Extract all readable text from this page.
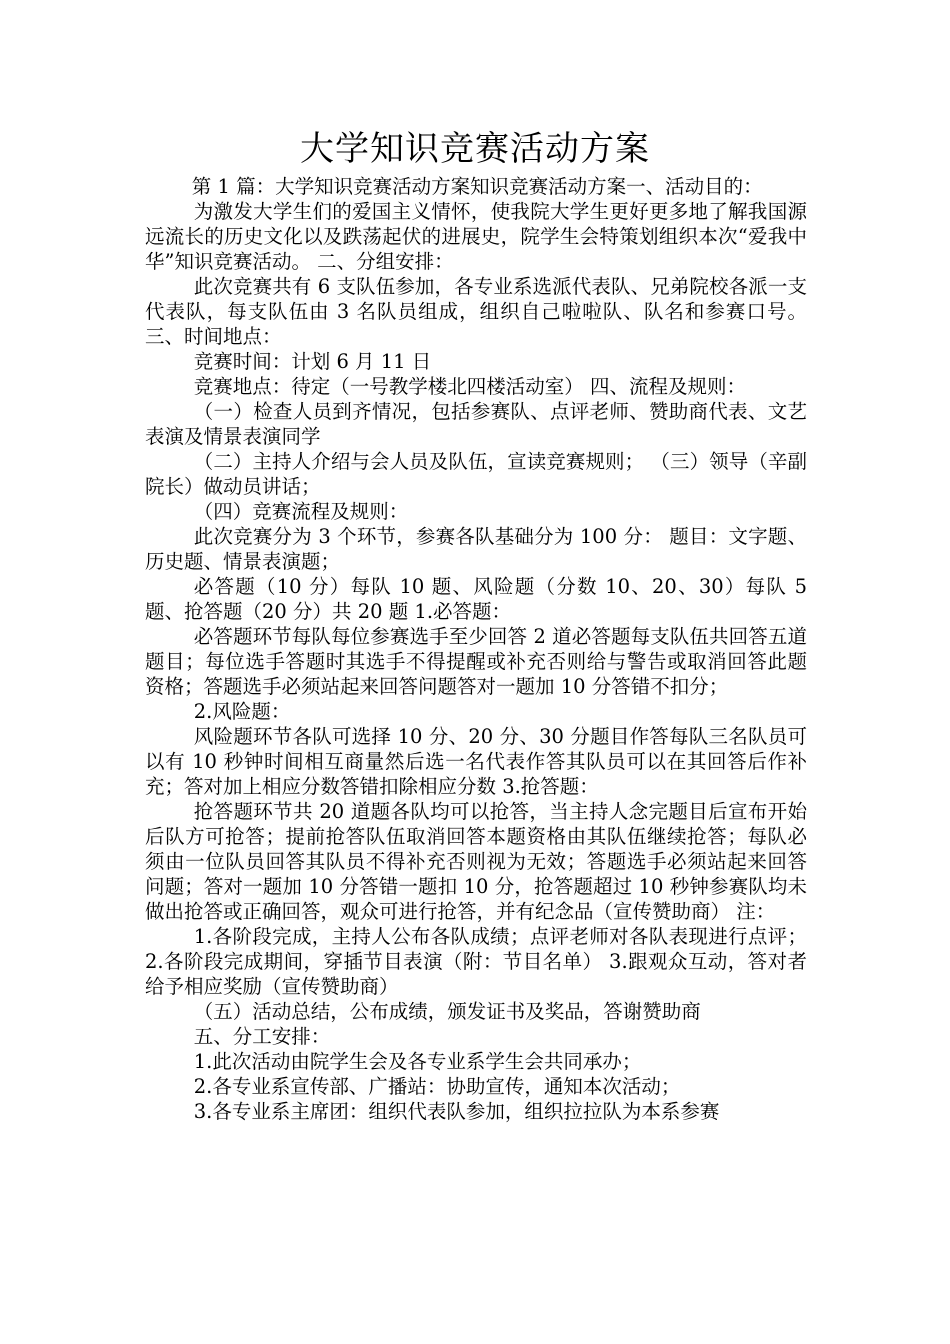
大学知识竞赛活动方案

第 1 篇：大学知识竞赛活动方案知识竞赛活动方案一、活动目的：

为激发大学生们的爱国主义情怀，使我院大学生更好更多地了解我国源远流长的历史文化以及跌荡起伏的进展史，院学生会特策划组织本次“爱我中华”知识竞赛活动。 二、分组安排：

此次竞赛共有 6 支队伍参加，各专业系选派代表队、兄弟院校各派一支代表队，每支队伍由 3 名队员组成，组织自己啦啦队、队名和参赛口号。 三、时间地点：

竞赛时间：计划 6 月 11 日

竞赛地点：待定（一号教学楼北四楼活动室） 四、流程及规则：

（一）检查人员到齐情况，包括参赛队、点评老师、赞助商代表、文艺表演及情景表演同学

（二）主持人介绍与会人员及队伍，宣读竞赛规则； （三）领导（辛副院长）做动员讲话；

（四）竞赛流程及规则：

此次竞赛分为 3 个环节，参赛各队基础分为 100 分： 题目：文字题、历史题、情景表演题；

必答题（10 分）每队 10 题、风险题（分数 10、20、30）每队 5 题、抢答题（20 分）共 20 题 1.必答题：

必答题环节每队每位参赛选手至少回答 2 道必答题每支队伍共回答五道题目；每位选手答题时其选手不得提醒或补充否则给与警告或取消回答此题资格；答题选手必须站起来回答问题答对一题加 10 分答错不扣分；

2.风险题：

风险题环节各队可选择 10 分、20 分、30 分题目作答每队三名队员可以有 10 秒钟时间相互商量然后选一名代表作答其队员可以在其回答后作补充；答对加上相应分数答错扣除相应分数 3.抢答题：

抢答题环节共 20 道题各队均可以抢答，当主持人念完题目后宣布开始后队方可抢答；提前抢答队伍取消回答本题资格由其队伍继续抢答；每队必须由一位队员回答其队员不得补充否则视为无效；答题选手必须站起来回答问题；答对一题加 10 分答错一题扣 10 分，抢答题超过 10 秒钟参赛队均未做出抢答或正确回答，观众可进行抢答，并有纪念品（宣传赞助商） 注：

1.各阶段完成，主持人公布各队成绩；点评老师对各队表现进行点评； 2.各阶段完成期间，穿插节目表演（附：节目名单） 3.跟观众互动，答对者给予相应奖励（宣传赞助商）

（五）活动总结，公布成绩，颁发证书及奖品，答谢赞助商

五、分工安排：

1.此次活动由院学生会及各专业系学生会共同承办；

2.各专业系宣传部、广播站：协助宣传，通知本次活动；

3.各专业系主席团：组织代表队参加，组织拉拉队为本系参赛
